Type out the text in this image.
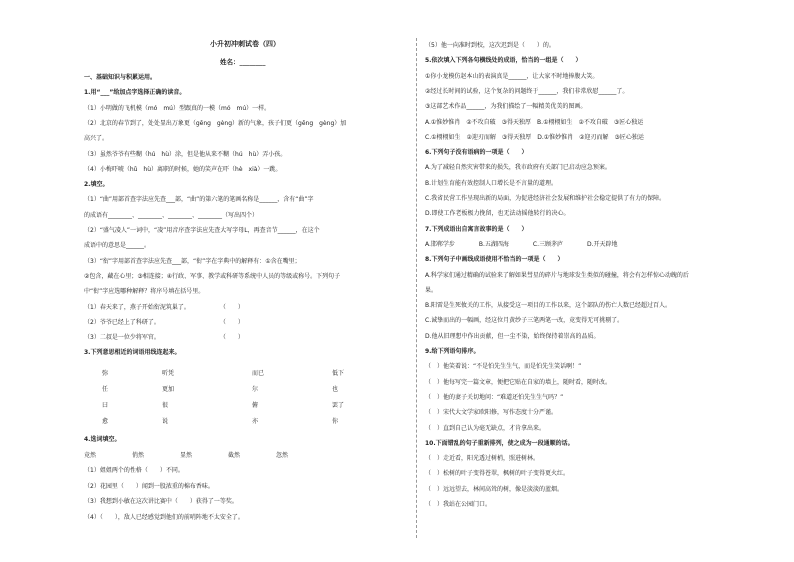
小升初冲刺试卷（四）
姓名：________
一、基础知识与积累运用。
1.用“___”给加点字选择正确的读音。
（1）小明做的飞机模（mó　mú）型跟真的一模（mó　mú）一样。
（2）北京的春节到了，处处显出万象更（gēng　gèng）新的气象，孩子们更（gēng　gèng）加
高兴了。
（3）虽然爷爷有些糊（hú　hù）涂，但是他从来不糊（hú　hù）弄小孩。
（4）小梅吓唬（hǔ　hù）离职的时候，她的笑声在吓（hè　xià）一跳。
2.填空。
（1）“曲”用部首查字法应先查___部，“曲”的第六笔的笔画名称是______，含有“曲”字
的成语有________、________、________、________（写出四个）
（2）“盛气凌人”一词中，“凌”用音序查字法应先查大写字母L，再查音节______，在这个
成语中的意思是______。
（3）“衔”字用部首查字法应先查___部，“衔”字在字典中的解释有：①含在嘴里；
②包含，藏在心里；③相连接；④行政、军事、教学或科研等系统中人员的等级或称号。下列句子
中“衔”字应选哪种解释？将序号填在括号里。
（1）春天来了，燕子开始衔泥筑巢了。　　　　　　（　　）
（2）爷爷已经上了科研了。　　　　　　　　　　　（　　）
（3）二叔是一位少将军官。　　　　　　　　　　　（　　）
3.下列意思相近的词语用线连起来。
弥	听凭	而已	低下
任	更加	尔	也
曰	很	俯	罢了
愈	说	亦	你
4.选词填空。
竟然　　　　　　俏然　　　　　　显然　　　　　　截然　　　　　　忽然
（1）姐姐两个的性格（　　）不同。
（2）花园里（　　）闻到一股浓重的棉布香味。
（3）我想到小敏在这次讲比赛中（　　）获得了一等奖。
（4）（　　），敌人已经感觉到他们的前哨阵地不太安全了。
（5）他一向准时到校，这次迟到是（　　）的。
5.依次填入下列各句横线处的成语，恰当的一组是（　　）
①你小龙模仿赵本山的表演真是______，让大家不时地捧腹大笑。
②经过长时间的试验，这个复杂的问题终于______，我们非常欣慰______了。
③这部艺术作品______，为我们描绘了一幅精美优美的图画。
A.①惟妙惟肖　②不攻自破　③得天独厚　B.①栩栩如生　②不攻自破　③匠心独运
C.①栩栩如生　②迎刃而解　③得天独厚　D.①惟妙惟肖　②迎刃而解　③匠心独运
6.下列句子没有语病的一项是（　　）
A.为了减轻自然灾害带来的损失，我市政府有关部门已启动应急预案。
B.计划生育能有效控制人口增长是不言量的道理。
C.我省民营工作呈现出新的局面，为促进经济社会发展和维护社会稳定提供了有力的保障。
D.即使工作老板极力挽留，也无法动摇他转行的决心。
7.下列成语出自寓言故事的是（　　）
A.邯郸学步　　　　B.五湖四海　　　　C.三顾茅庐　　　　D.开天辟地
8.下列句子中画线成语使用不恰当的一项是（　　）
A.科学家们通过精确的试验来了解如果彗星的碎片与地球发生类似的碰撞，将会有怎样惊心动魄的后
果。
B.阳雷是生死攸关的工作，从接受这一项目的工作以来，这个部队的伤亡人数已经超过百人。
C.诚挚而出的一幅画，经这位月黄纱子三笔两笔一改，竟变得无可挑剔了。
D.他从旧理想中作出贡献，但一尘不染，始终保持着崇高的品质。
9.给下列语句排序。
（　）他笑着说：“不是怕先生生气，而是怕先生笑话啊！”
（　）他每写完一篇文章，便把它贴在自家的墙上，随时看，随时改。
（　）他的妻子关切地问：“难道还怕先生生气吗？”
（　）宋代大文学家欧阳修，写作态度十分严谨。
（　）直到自己认为毫无缺点，才肯拿出来。
10.下面错乱的句子重新排列，使之成为一段通顺的话。
（　）走近看，阳光透过树梢，照进树林。
（　）松树的叶子变得苍翠，枫树的叶子变得更火红。
（　）远远望去，林间高耸的树，像是淡淡的蓝烟。
（　）我站在公园门口。
